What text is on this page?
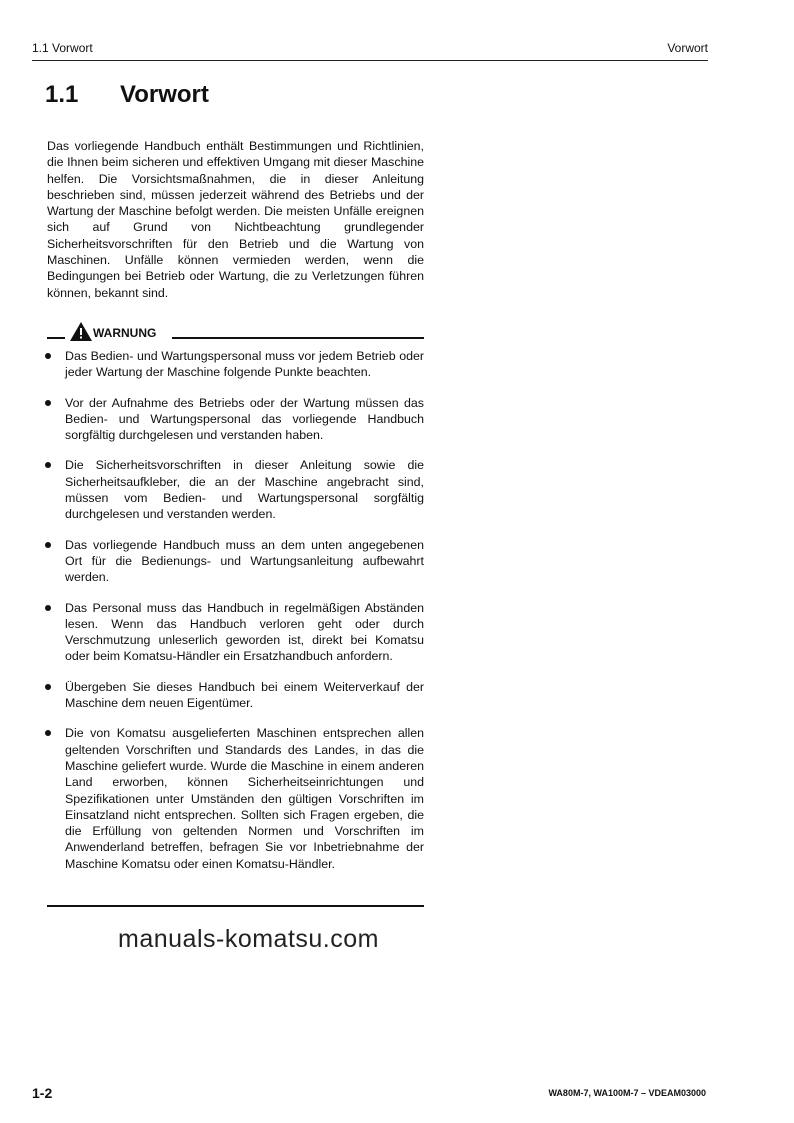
1.1 Vorwort	Vorwort
1.1 Vorwort
Das vorliegende Handbuch enthält Bestimmungen und Richtlinien, die Ihnen beim sicheren und effektiven Umgang mit dieser Maschine helfen. Die Vorsichtsmaßnahmen, die in dieser Anleitung beschrieben sind, müssen jederzeit während des Betriebs und der Wartung der Maschine befolgt werden. Die meisten Unfälle ereignen sich auf Grund von Nichtbeachtung grundlegender Sicherheitsvorschriften für den Betrieb und die Wartung von Maschinen. Unfälle können vermieden werden, wenn die Bedingungen bei Betrieb oder Wartung, die zu Verletzungen führen können, bekannt sind.
WARNUNG
Das Bedien- und Wartungspersonal muss vor jedem Betrieb oder jeder Wartung der Maschine folgende Punkte beachten.
Vor der Aufnahme des Betriebs oder der Wartung müssen das Bedien- und Wartungspersonal das vorliegende Handbuch sorgfältig durchgelesen und verstanden haben.
Die Sicherheitsvorschriften in dieser Anleitung sowie die Sicherheitsaufkleber, die an der Maschine angebracht sind, müssen vom Bedien- und Wartungspersonal sorgfältig durchgelesen und verstanden werden.
Das vorliegende Handbuch muss an dem unten angegebenen Ort für die Bedienungs- und Wartungsanleitung aufbewahrt werden.
Das Personal muss das Handbuch in regelmäßigen Abständen lesen. Wenn das Handbuch verloren geht oder durch Verschmutzung unleserlich geworden ist, direkt bei Komatsu oder beim Komatsu-Händler ein Ersatzhandbuch anfordern.
Übergeben Sie dieses Handbuch bei einem Weiterverkauf der Maschine dem neuen Eigentümer.
Die von Komatsu ausgelieferten Maschinen entsprechen allen geltenden Vorschriften und Standards des Landes, in das die Maschine geliefert wurde. Wurde die Maschine in einem anderen Land erworben, können Sicherheitseinrichtungen und Spezifikationen unter Umständen den gültigen Vorschriften im Einsatzland nicht entsprechen. Sollten sich Fragen ergeben, die die Erfüllung von geltenden Normen und Vorschriften im Anwenderland betreffen, befragen Sie vor Inbetriebnahme der Maschine Komatsu oder einen Komatsu-Händler.
manuals-komatsu.com
1-2	WA80M-7, WA100M-7 – VDEAM03000
